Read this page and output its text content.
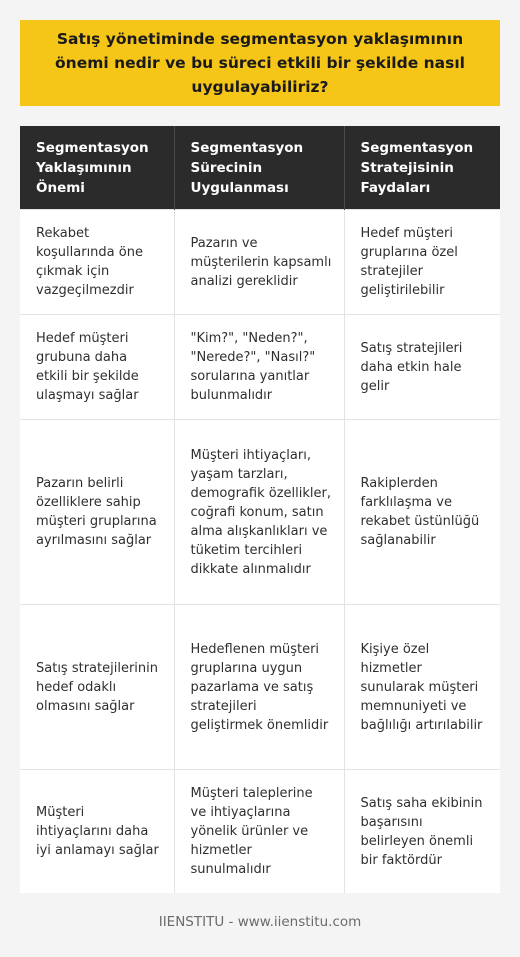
Satış yönetiminde segmentasyon yaklaşımının önemi nedir ve bu süreci etkili bir şekilde nasıl uygulayabiliriz?
Segmentasyon Yaklaşımının Önemi	Segmentasyon Sürecinin Uygulanması	Segmentasyon Stratejisinin Faydaları
Rekabet koşullarında öne çıkmak için vazgeçilmezdir	Pazarın ve müşterilerin kapsamlı analizi gereklidir	Hedef müşteri gruplarına özel stratejiler geliştirilebilir
Hedef müşteri grubuna daha etkili bir şekilde ulaşmayı sağlar	"Kim?", "Neden?", "Nerede?", "Nasıl?" sorularına yanıtlar bulunmalıdır	Satış stratejileri daha etkin hale gelir
Pazarın belirli özelliklere sahip müşteri gruplarına ayrılmasını sağlar	Müşteri ihtiyaçları, yaşam tarzları, demografik özellikler, coğrafi konum, satın alma alışkanlıkları ve tüketim tercihleri dikkate alınmalıdır	Rakiplerden farklılaşma ve rekabet üstünlüğü sağlanabilir
Satış stratejilerinin hedef odaklı olmasını sağlar	Hedeflenen müşteri gruplarına uygun pazarlama ve satış stratejileri geliştirmek önemlidir	Kişiye özel hizmetler sunularak müşteri memnuniyeti ve bağlılığı artırılabilir
Müşteri ihtiyaçlarını daha iyi anlamayı sağlar	Müşteri taleplerine ve ihtiyaçlarına yönelik ürünler ve hizmetler sunulmalıdır	Satış saha ekibinin başarısını belirleyen önemli bir faktördür
IIENSTITU - www.iienstitu.com
